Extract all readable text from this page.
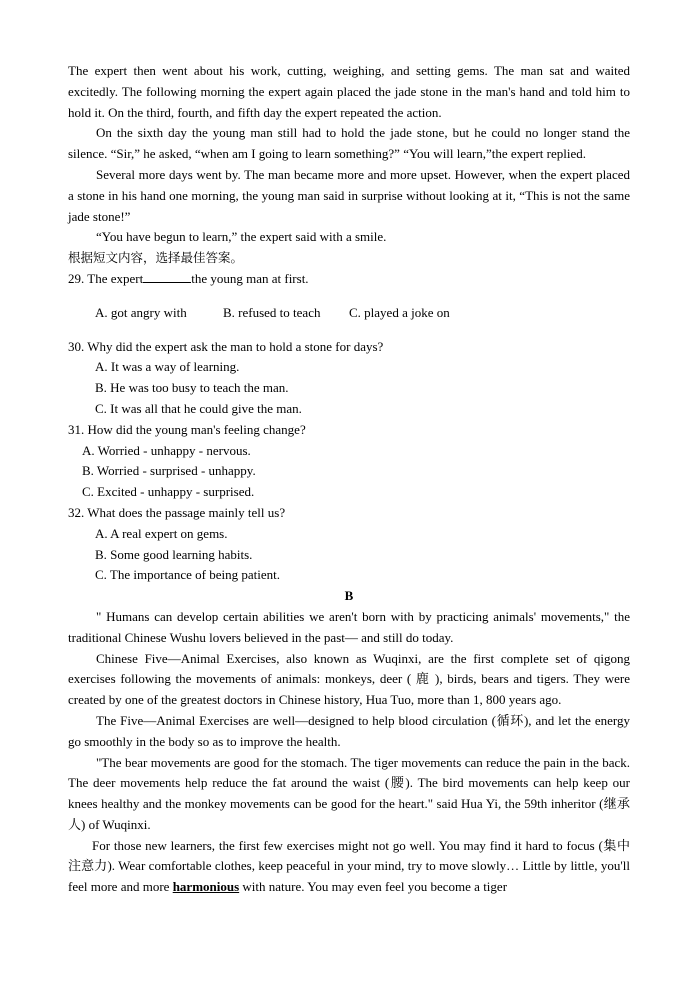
The expert then went about his work, cutting, weighing, and setting gems. The man sat and waited excitedly. The following morning the expert again placed the jade stone in the man's hand and told him to hold it. On the third, fourth, and fifth day the expert repeated the action.

On the sixth day the young man still had to hold the jade stone, but he could no longer stand the silence. “Sir,” he asked, “when am I going to learn something?” “You will learn,”the expert replied.

Several more days went by. The man became more and more upset. However, when the expert placed a stone in his hand one morning, the young man said in surprise without looking at it, “This is not the same jade stone!”

“You have begun to learn,” the expert said with a smile.

根据短文内容，选择最佳答案。

29. The expert	the young man at first.

A. got angry with	B. refused to teach C. played a joke on

30. Why did the expert ask the man to hold a stone for days?

A. It was a way of learning.

B. He was too busy to teach the man.

C. It was all that he could give the man.

31. How did the young man's feeling change?

A. Worried - unhappy - nervous.

B. Worried - surprised - unhappy.

C. Excited - unhappy - surprised.

32. What does the passage mainly tell us?

A. A real expert on gems.

B. Some good learning habits.

C. The importance of being patient.

B

" Humans can develop certain abilities we aren't born with by practicing animals' movements," the traditional Chinese Wushu lovers believed in the past— and still do today.

Chinese Five—Animal Exercises, also known as Wuqinxi, are the first complete set of qigong exercises following the movements of animals: monkeys, deer ( 鹿 ), birds, bears and tigers. They were created by one of the greatest doctors in Chinese history, Hua Tuo, more than 1, 800 years ago.

The Five—Animal Exercises are well—designed to help blood circulation (循环), and let the energy go smoothly in the body so as to improve the health.

"The bear movements are good for the stomach. The tiger movements can reduce the pain in the back. The deer movements help reduce the fat around the waist (腰). The bird movements can help keep our knees healthy and the monkey movements can be good for the heart." said Hua Yi, the 59th inheritor (继承人) of Wuqinxi.

For those new learners, the first few exercises might not go well. You may find it hard to focus (集中注意力). Wear comfortable clothes, keep peaceful in your mind, try to move slowly… Little by little, you'll feel more and more harmonious with nature. You may even feel you become a tiger
